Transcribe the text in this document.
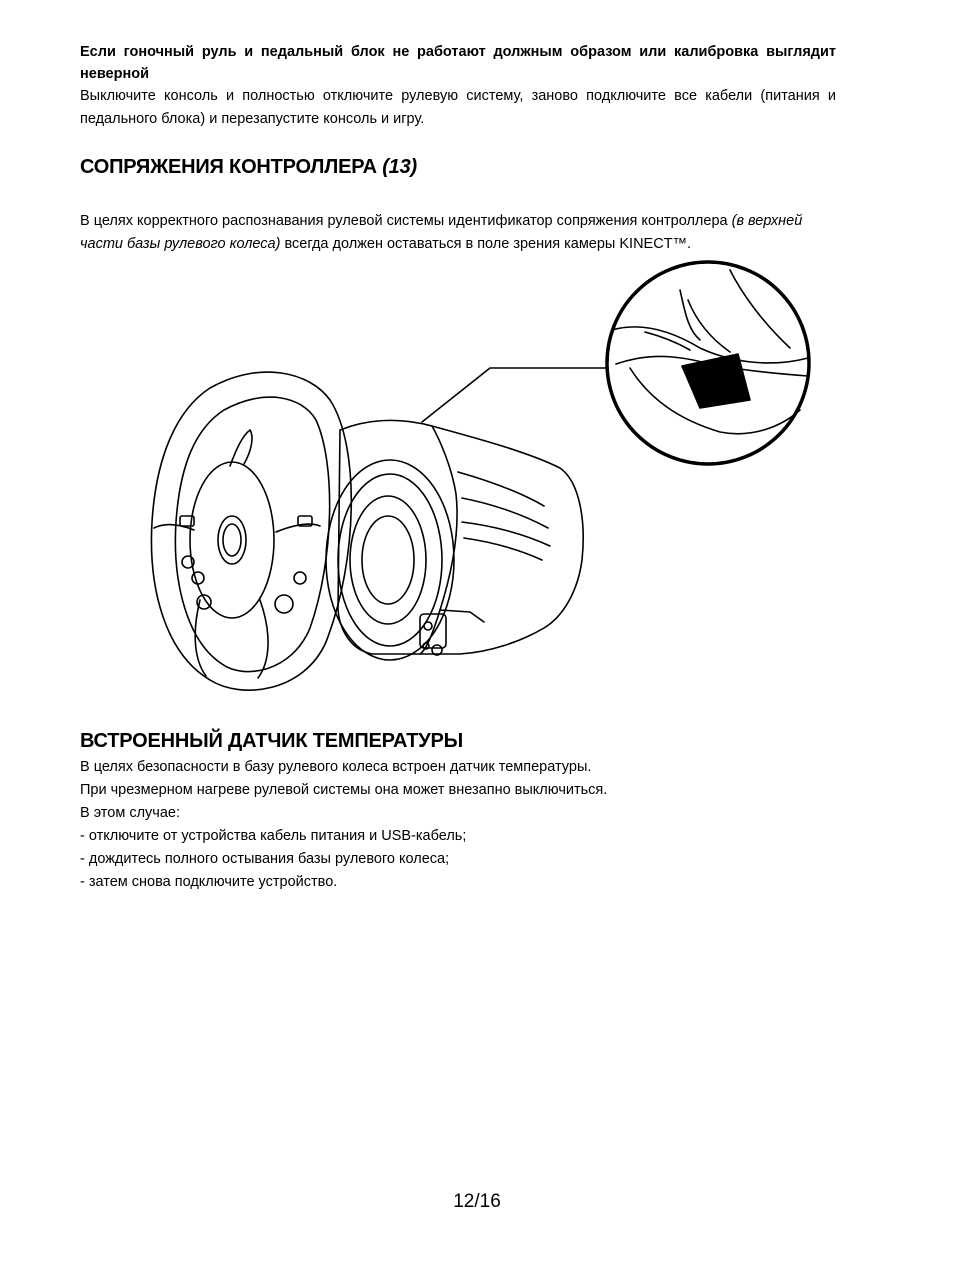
Если гоночный руль и педальный блок не работают должным образом или калибровка выглядит неверной
Выключите консоль и полностью отключите рулевую систему, заново подключите все кабели (питания и педального блока) и перезапустите консоль и игру.
СОПРЯЖЕНИЯ КОНТРОЛЛЕРА (13)
В целях корректного распознавания рулевой системы идентификатор сопряжения контроллера (в верхней части базы рулевого колеса) всегда должен оставаться в поле зрения камеры KINECT™.
ВСТРОЕННЫЙ ДАТЧИК ТЕМПЕРАТУРЫ
В целях безопасности в базу рулевого колеса встроен датчик температуры.
При чрезмерном нагреве рулевой системы она может внезапно выключиться.
В этом случае:
- отключите от устройства кабель питания и USB-кабель;
- дождитесь полного остывания базы рулевого колеса;
- затем снова подключите устройство.
12/16
